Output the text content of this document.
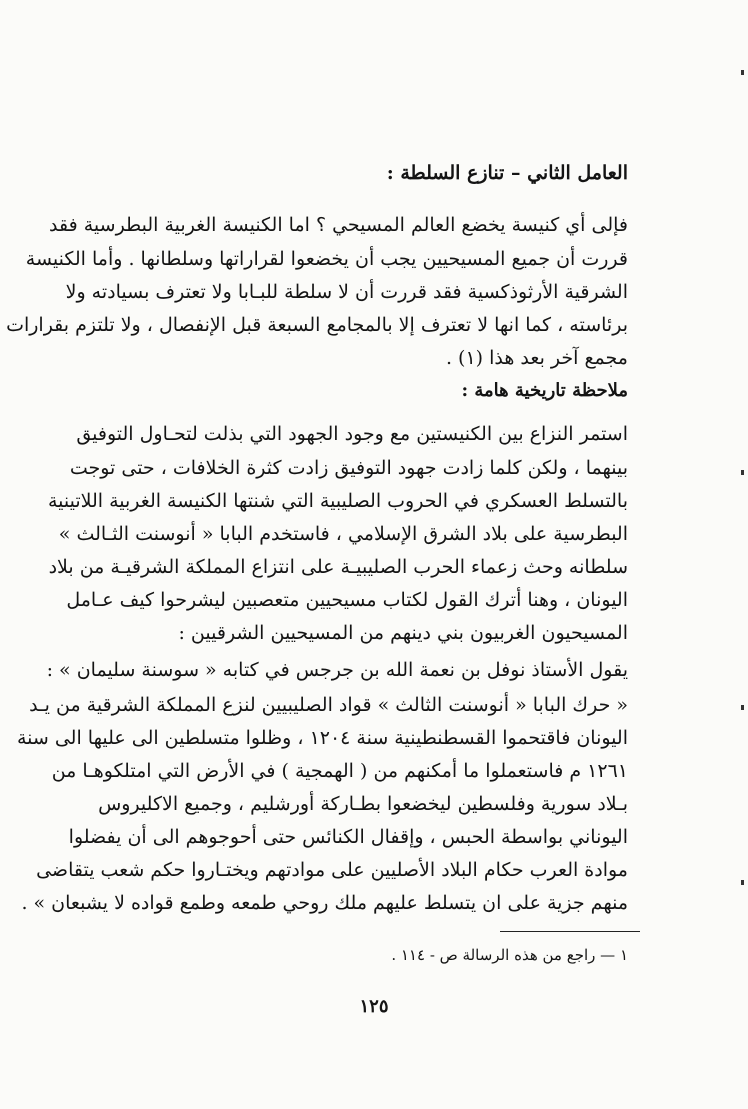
العامل الثاني – تنازع السلطة :
فإلى أي كنيسة يخضع العالم المسيحي ؟ اما الكنيسة الغربية البطرسية فقد
قررت أن جميع المسيحيين يجب أن يخضعوا لقراراتها وسلطانها . وأما الكنيسة
الشرقية الأرثوذكسية فقد قررت أن لا سلطة للبـابا ولا تعترف بسيادته ولا
برئاسته ، كما انها لا تعترف إلا بالمجامع السبعة قبل الإنفصال ، ولا تلتزم بقرارات
مجمع آخر بعد هذا (١) .
ملاحظة تاريخية هامة :
استمر النزاع بين الكنيستين مع وجود الجهود التي بذلت لتحـاول التوفيق
بينهما ، ولكن كلما زادت جهود التوفيق زادت كثرة الخلافات ، حتى توجت
بالتسلط العسكري في الحروب الصليبية التي شنتها الكنيسة الغربية اللاتينية
البطرسية على بلاد الشرق الإسلامي ، فاستخدم البابا « أنوسنت الثـالث »
سلطانه وحث زعماء الحرب الصليبيـة على انتزاع المملكة الشرقيـة من بلاد
اليونان ، وهنا أترك القول لكتاب مسيحيين متعصبين ليشرحوا كيف عـامل
المسيحيون الغربيون بني دينهم من المسيحيين الشرقيين :
يقول الأستاذ نوفل بن نعمة الله بن جرجس في كتابه « سوسنة سليمان » :
« حرك البابا « أنوسنت الثالث » قواد الصليبيين لنزع المملكة الشرقية من يـد
اليونان فاقتحموا القسطنطينية سنة ١٢٠٤ ، وظلوا متسلطين الى عليها الى سنة
١٢٦١ م فاستعملوا ما أمكنهم من ( الهمجية ) في الأرض التي امتلكوهـا من
بـلاد سورية وفلسطين ليخضعوا بطـاركة أورشليم ، وجميع الاكليروس
اليوناني بواسطة الحبس ، وإقفال الكنائس حتى أحوجوهم الى أن يفضلوا
موادة العرب حكام البلاد الأصليين على موادتهم ويختـاروا حكم شعب يتقاضى
منهم جزية على ان يتسلط عليهم ملك روحي طمعه وطمع قواده لا يشبعان » .
١ — راجع من هذه الرسالة ص - ١١٤ .
١٢٥
